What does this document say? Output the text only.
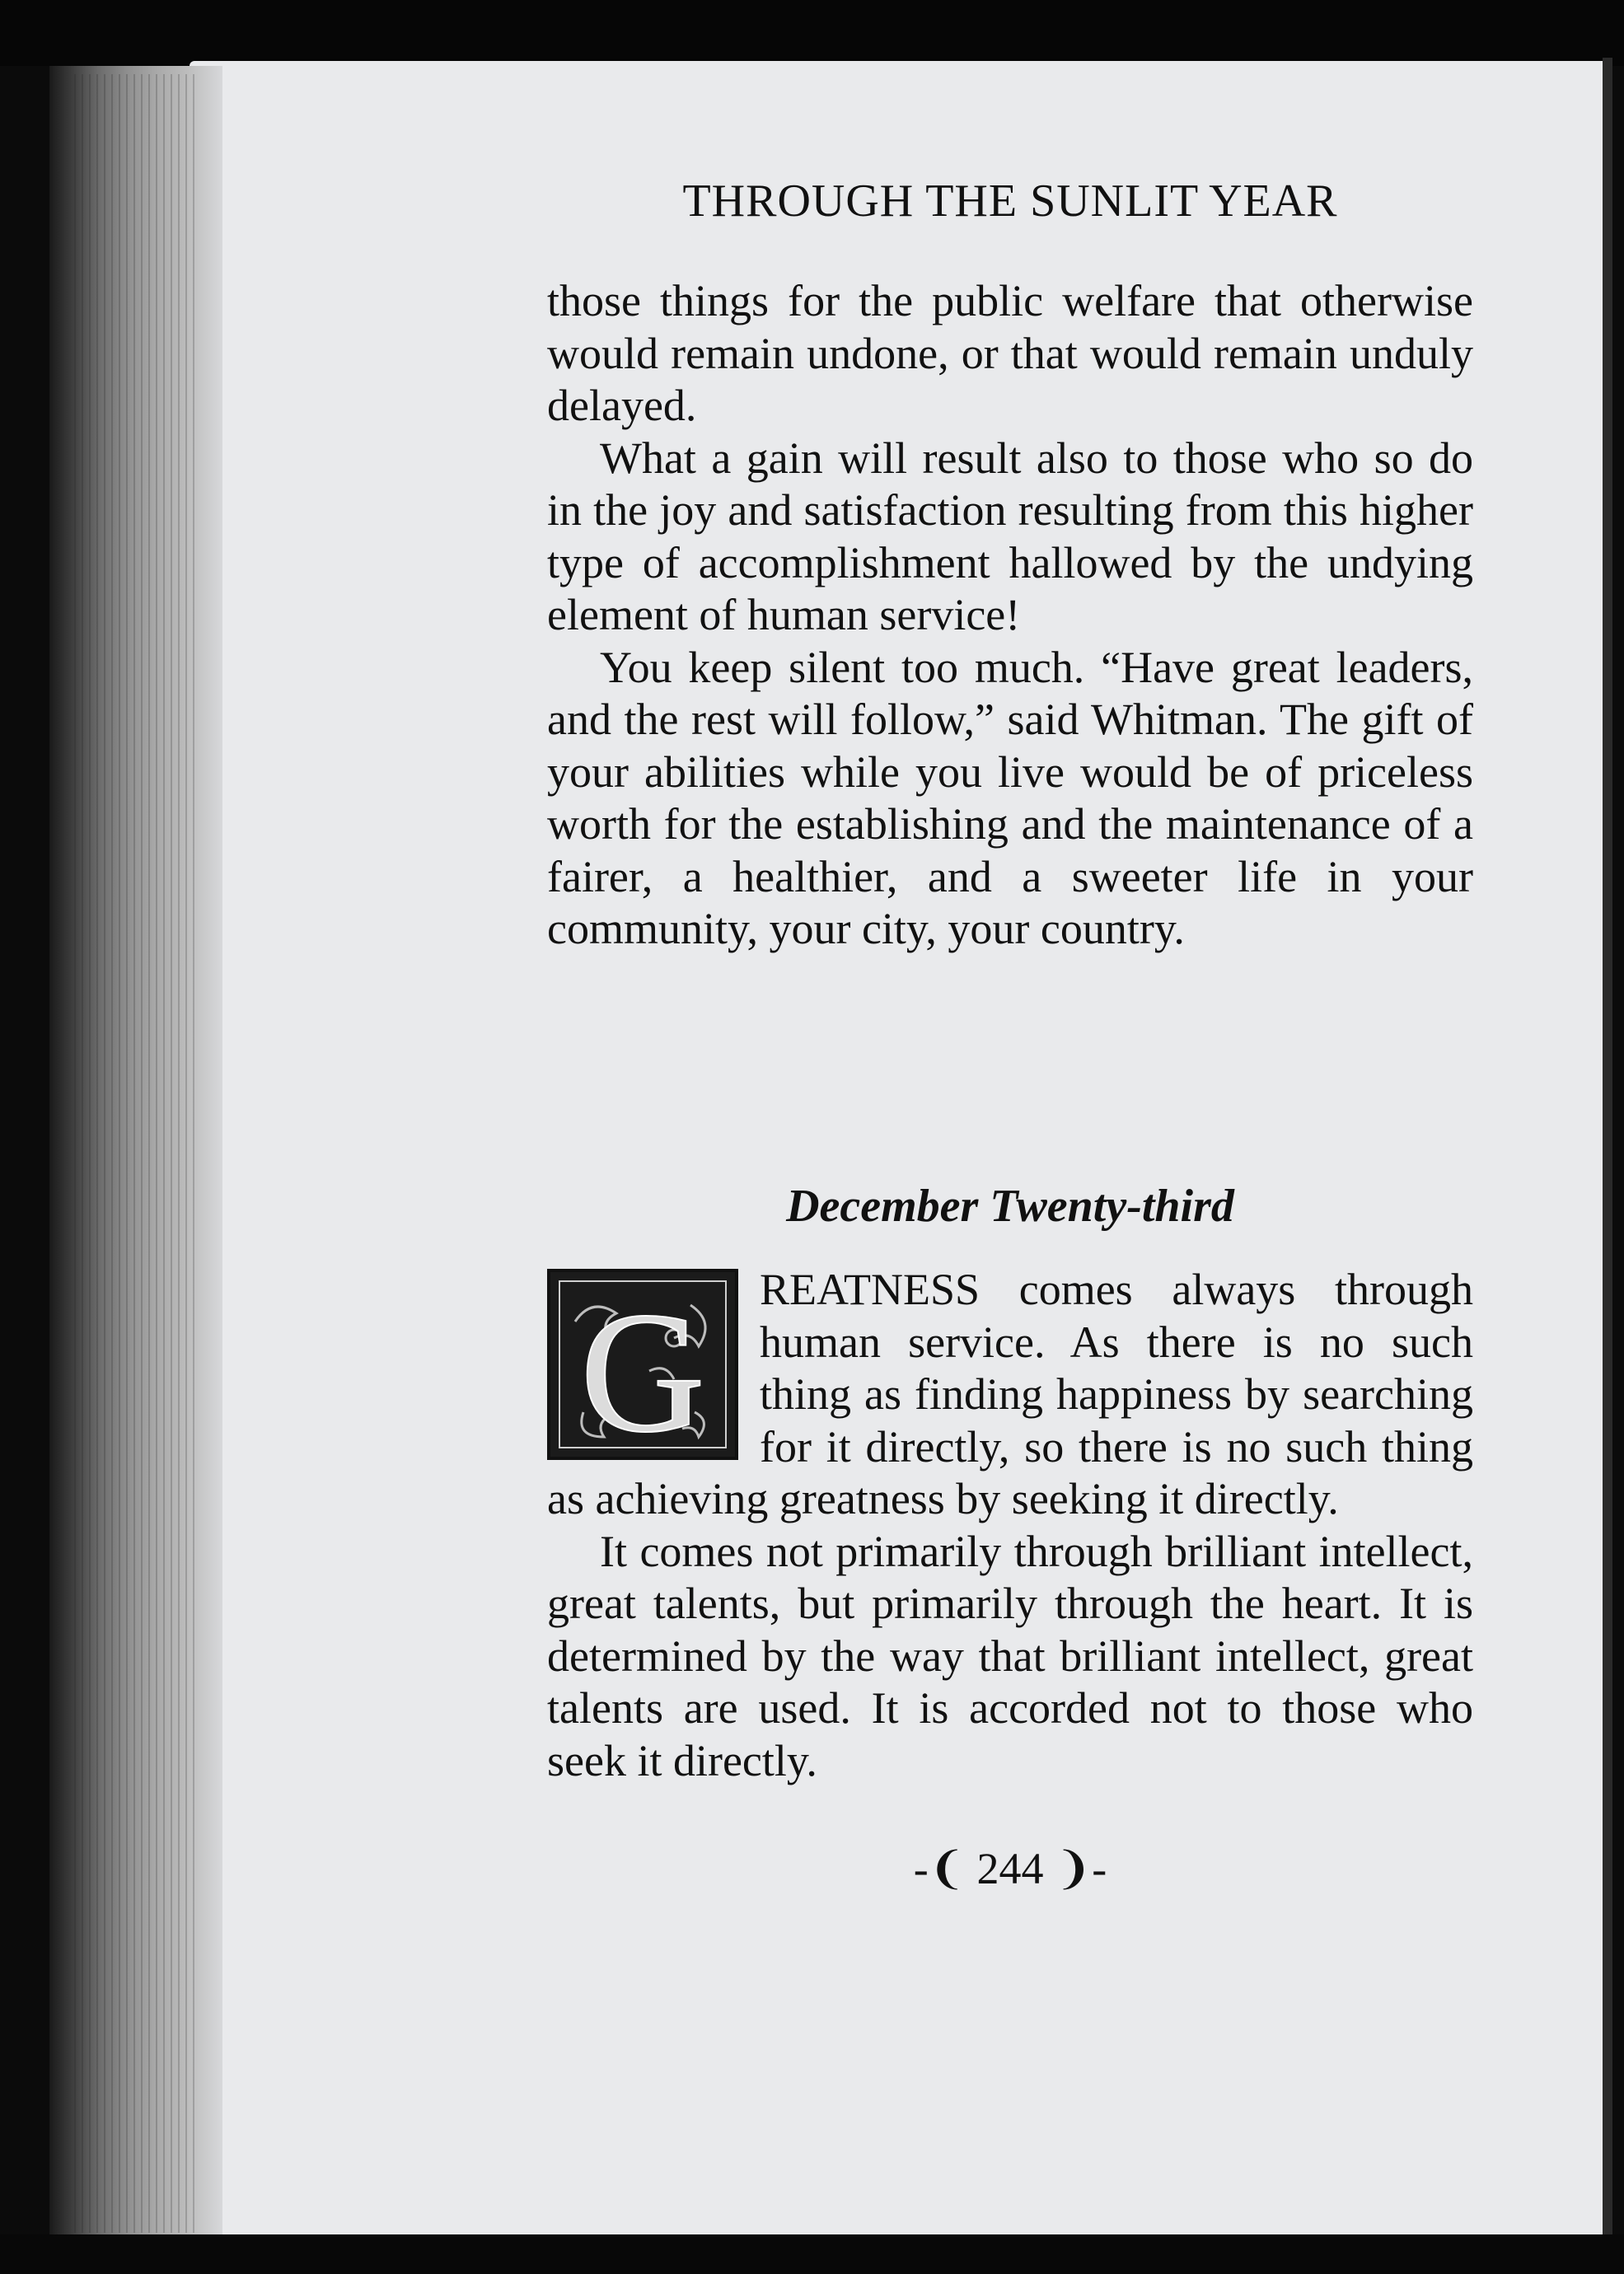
THROUGH THE SUNLIT YEAR

those things for the public welfare that otherwise would remain undone, or that would remain unduly delayed.

What a gain will result also to those who so do in the joy and satisfaction resulting from this higher type of accomplishment hallowed by the undying element of human service!

You keep silent too much. “Have great leaders, and the rest will follow,” said Whitman. The gift of your abilities while you live would be of priceless worth for the establishing and the maintenance of a fairer, a healthier, and a sweeter life in your community, your city, your country.

December Twenty-third
G	REATNESS comes always through human service. As there is no such thing as finding happiness by searching for it directly, so there is no such thing as achieving greatness by seeking it directly.

It comes not primarily through brilliant intellect, great talents, but primarily through the heart. It is determined by the way that brilliant intellect, great talents are used. It is accorded not to those who seek it directly.

-❨ 244 ❩-
